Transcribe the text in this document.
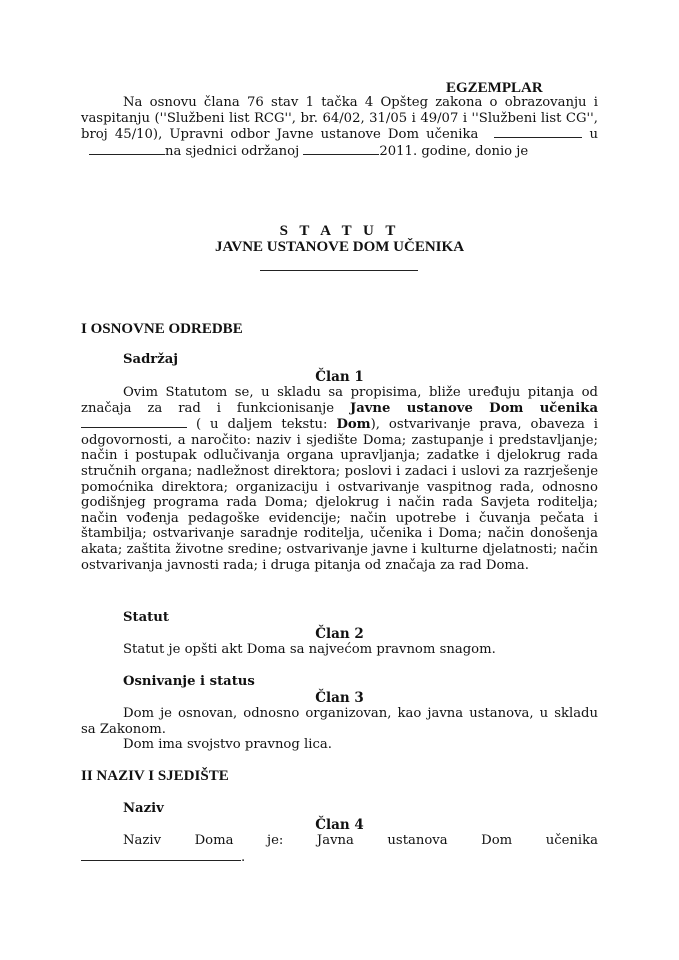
EGZEMPLAR
Na osnovu člana 76 stav 1 tačka 4 Opšteg zakona o obrazovanju i vaspitanju (''Službeni list RCG'', br. 64/02, 31/05 i 49/07 i ''Službeni list CG'', broj 45/10), Upravni odbor Javne ustanove Dom učenika	u na sjednici održanoj	2011. godine, donio je
S T A T U T
JAVNE USTANOVE DOM UČENIKA
I OSNOVNE ODREDBE
Sadržaj
Član 1
Ovim Statutom se, u skladu sa propisima, bliže uređuju pitanja od značaja za rad i funkcionisanje Javne ustanove Dom učenika ( u daljem tekstu: Dom), ostvarivanje prava, obaveza i odgovornosti, a naročito: naziv i sjedište Doma; zastupanje i predstavljanje; način i postupak odlučivanja organa upravljanja; zadatke i djelokrug rada stručnih organa; nadležnost direktora; poslovi i zadaci i uslovi za razrješenje pomoćnika direktora; organizaciju i ostvarivanje vaspitnog rada, odnosno godišnjeg programa rada Doma; djelokrug i način rada Savjeta roditelja; način vođenja pedagoške evidencije; način upotrebe i čuvanja pečata i štambilja; ostvarivanje saradnje roditelja, učenika i Doma; način donošenja akata; zaštita životne sredine; ostvarivanje javne i kulturne djelatnosti; način ostvarivanja javnosti rada; i druga pitanja od značaja za rad Doma.
Statut
Član 2
Statut je opšti akt Doma sa najvećom pravnom snagom.
Osnivanje i status
Član 3
Dom je osnovan, odnosno organizovan, kao javna ustanova, u skladu sa Zakonom.
Dom ima svojstvo pravnog lica.
II NAZIV I SJEDIŠTE
Naziv
Član 4
Naziv Doma je: Javna ustanova Dom učenika
.
